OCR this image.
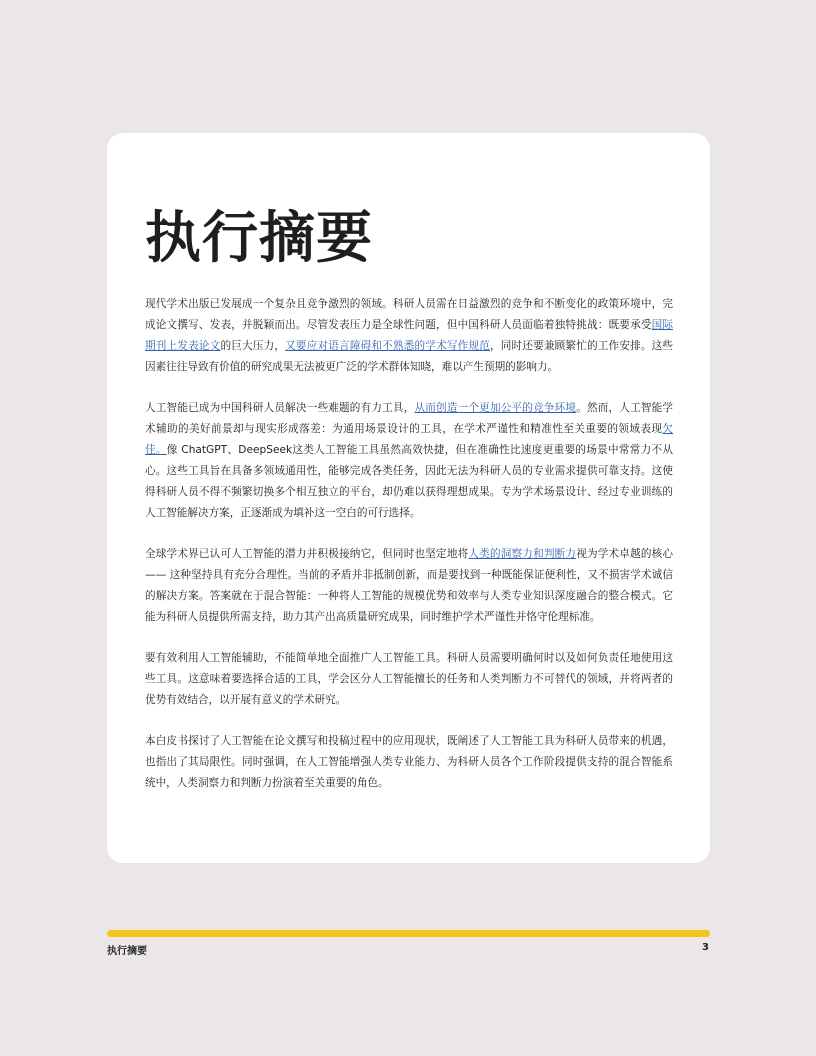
执行摘要

现代学术出版已发展成一个复杂且竞争激烈的领域。科研人员需在日益激烈的竞争和不断变化的政策环境中，完成论文撰写、发表，并脱颖而出。尽管发表压力是全球性问题，但中国科研人员面临着独特挑战：既要承受国际期刊上发表论文的巨大压力，又要应对语言障碍和不熟悉的学术写作规范，同时还要兼顾繁忙的工作安排。这些因素往往导致有价值的研究成果无法被更广泛的学术群体知晓，难以产生预期的影响力。

人工智能已成为中国科研人员解决一些难题的有力工具，从而创造一个更加公平的竞争环境。然而，人工智能学术辅助的美好前景却与现实形成落差：为通用场景设计的工具，在学术严谨性和精准性至关重要的领域表现欠佳。像 ChatGPT、DeepSeek这类人工智能工具虽然高效快捷，但在准确性比速度更重要的场景中常常力不从心。这些工具旨在具备多领域通用性，能够完成各类任务，因此无法为科研人员的专业需求提供可靠支持。这使得科研人员不得不频繁切换多个相互独立的平台，却仍难以获得理想成果。专为学术场景设计、经过专业训练的人工智能解决方案，正逐渐成为填补这一空白的可行选择。

全球学术界已认可人工智能的潜力并积极接纳它，但同时也坚定地将人类的洞察力和判断力视为学术卓越的核心—— 这种坚持具有充分合理性。当前的矛盾并非抵制创新，而是要找到一种既能保证便利性，又不损害学术诚信的解决方案。答案就在于混合智能：一种将人工智能的规模优势和效率与人类专业知识深度融合的整合模式。它能为科研人员提供所需支持，助力其产出高质量研究成果，同时维护学术严谨性并恪守伦理标准。

要有效利用人工智能辅助，不能简单地全面推广人工智能工具。科研人员需要明确何时以及如何负责任地使用这些工具。这意味着要选择合适的工具，学会区分人工智能擅长的任务和人类判断力不可替代的领域，并将两者的优势有效结合，以开展有意义的学术研究。

本白皮书探讨了人工智能在论文撰写和投稿过程中的应用现状，既阐述了人工智能工具为科研人员带来的机遇，也指出了其局限性。同时强调，在人工智能增强人类专业能力、为科研人员各个工作阶段提供支持的混合智能系统中，人类洞察力和判断力扮演着至关重要的角色。

执行摘要	3
